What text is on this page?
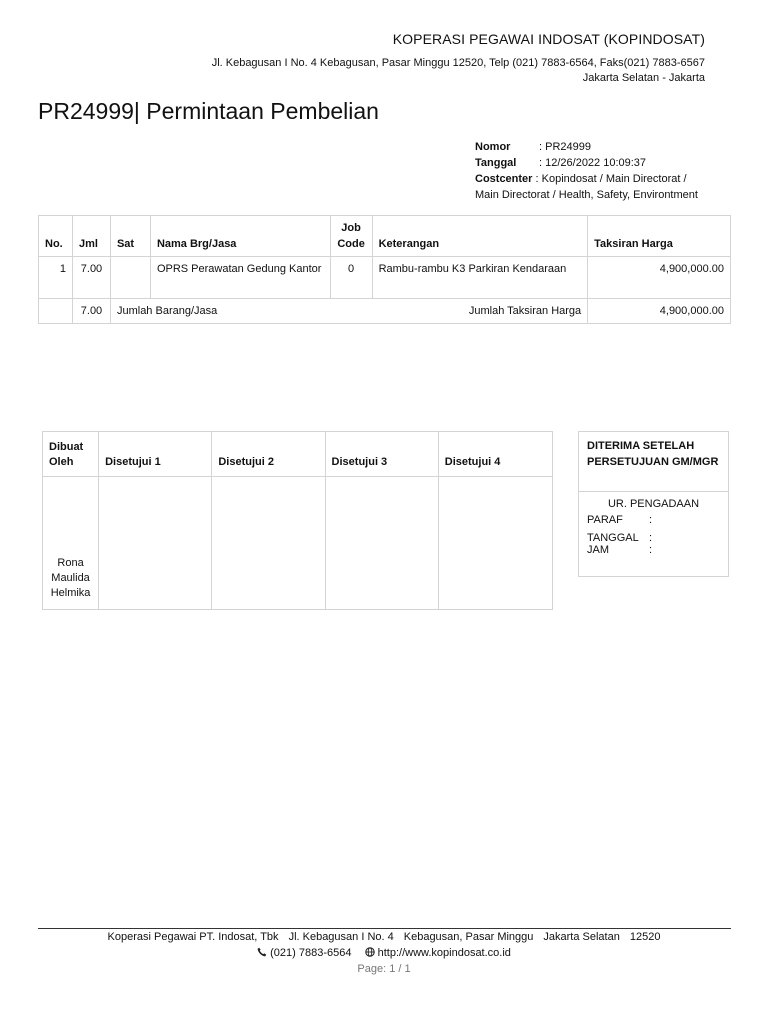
KOPERASI PEGAWAI INDOSAT (KOPINDOSAT)
Jl. Kebagusan I No. 4 Kebagusan, Pasar Minggu 12520, Telp (021) 7883-6564, Faks(021) 7883-6567
Jakarta Selatan - Jakarta
PR24999| Permintaan Pembelian
Nomor	: PR24999
Tanggal : 12/26/2022 10:09:37
Costcenter : Kopindosat / Main Directorat /
Main Directorat / Health, Safety, Environtment
No.	Jml	Sat	Nama Brg/Jasa	Job Code	Keterangan	Taksiran Harga
1	7.00		OPRS Perawatan Gedung Kantor	0	Rambu-rambu K3 Parkiran Kendaraan	4,900,000.00
	7.00	Jumlah Barang/Jasa			Jumlah Taksiran Harga	4,900,000.00
Dibuat Oleh	Disetujui 1	Disetujui 2	Disetujui 3	Disetujui 4
Rona Maulida Helmika				
DITERIMA SETELAH PERSETUJUAN GM/MGR
UR. PENGADAAN
PARAF :
TANGGAL :
JAM	:
Koperasi Pegawai PT. Indosat, Tbk Jl. Kebagusan I No. 4 Kebagusan, Pasar Minggu Jakarta Selatan 12520
(021) 7883-6564 http://www.kopindosat.co.id
Page: 1 / 1
